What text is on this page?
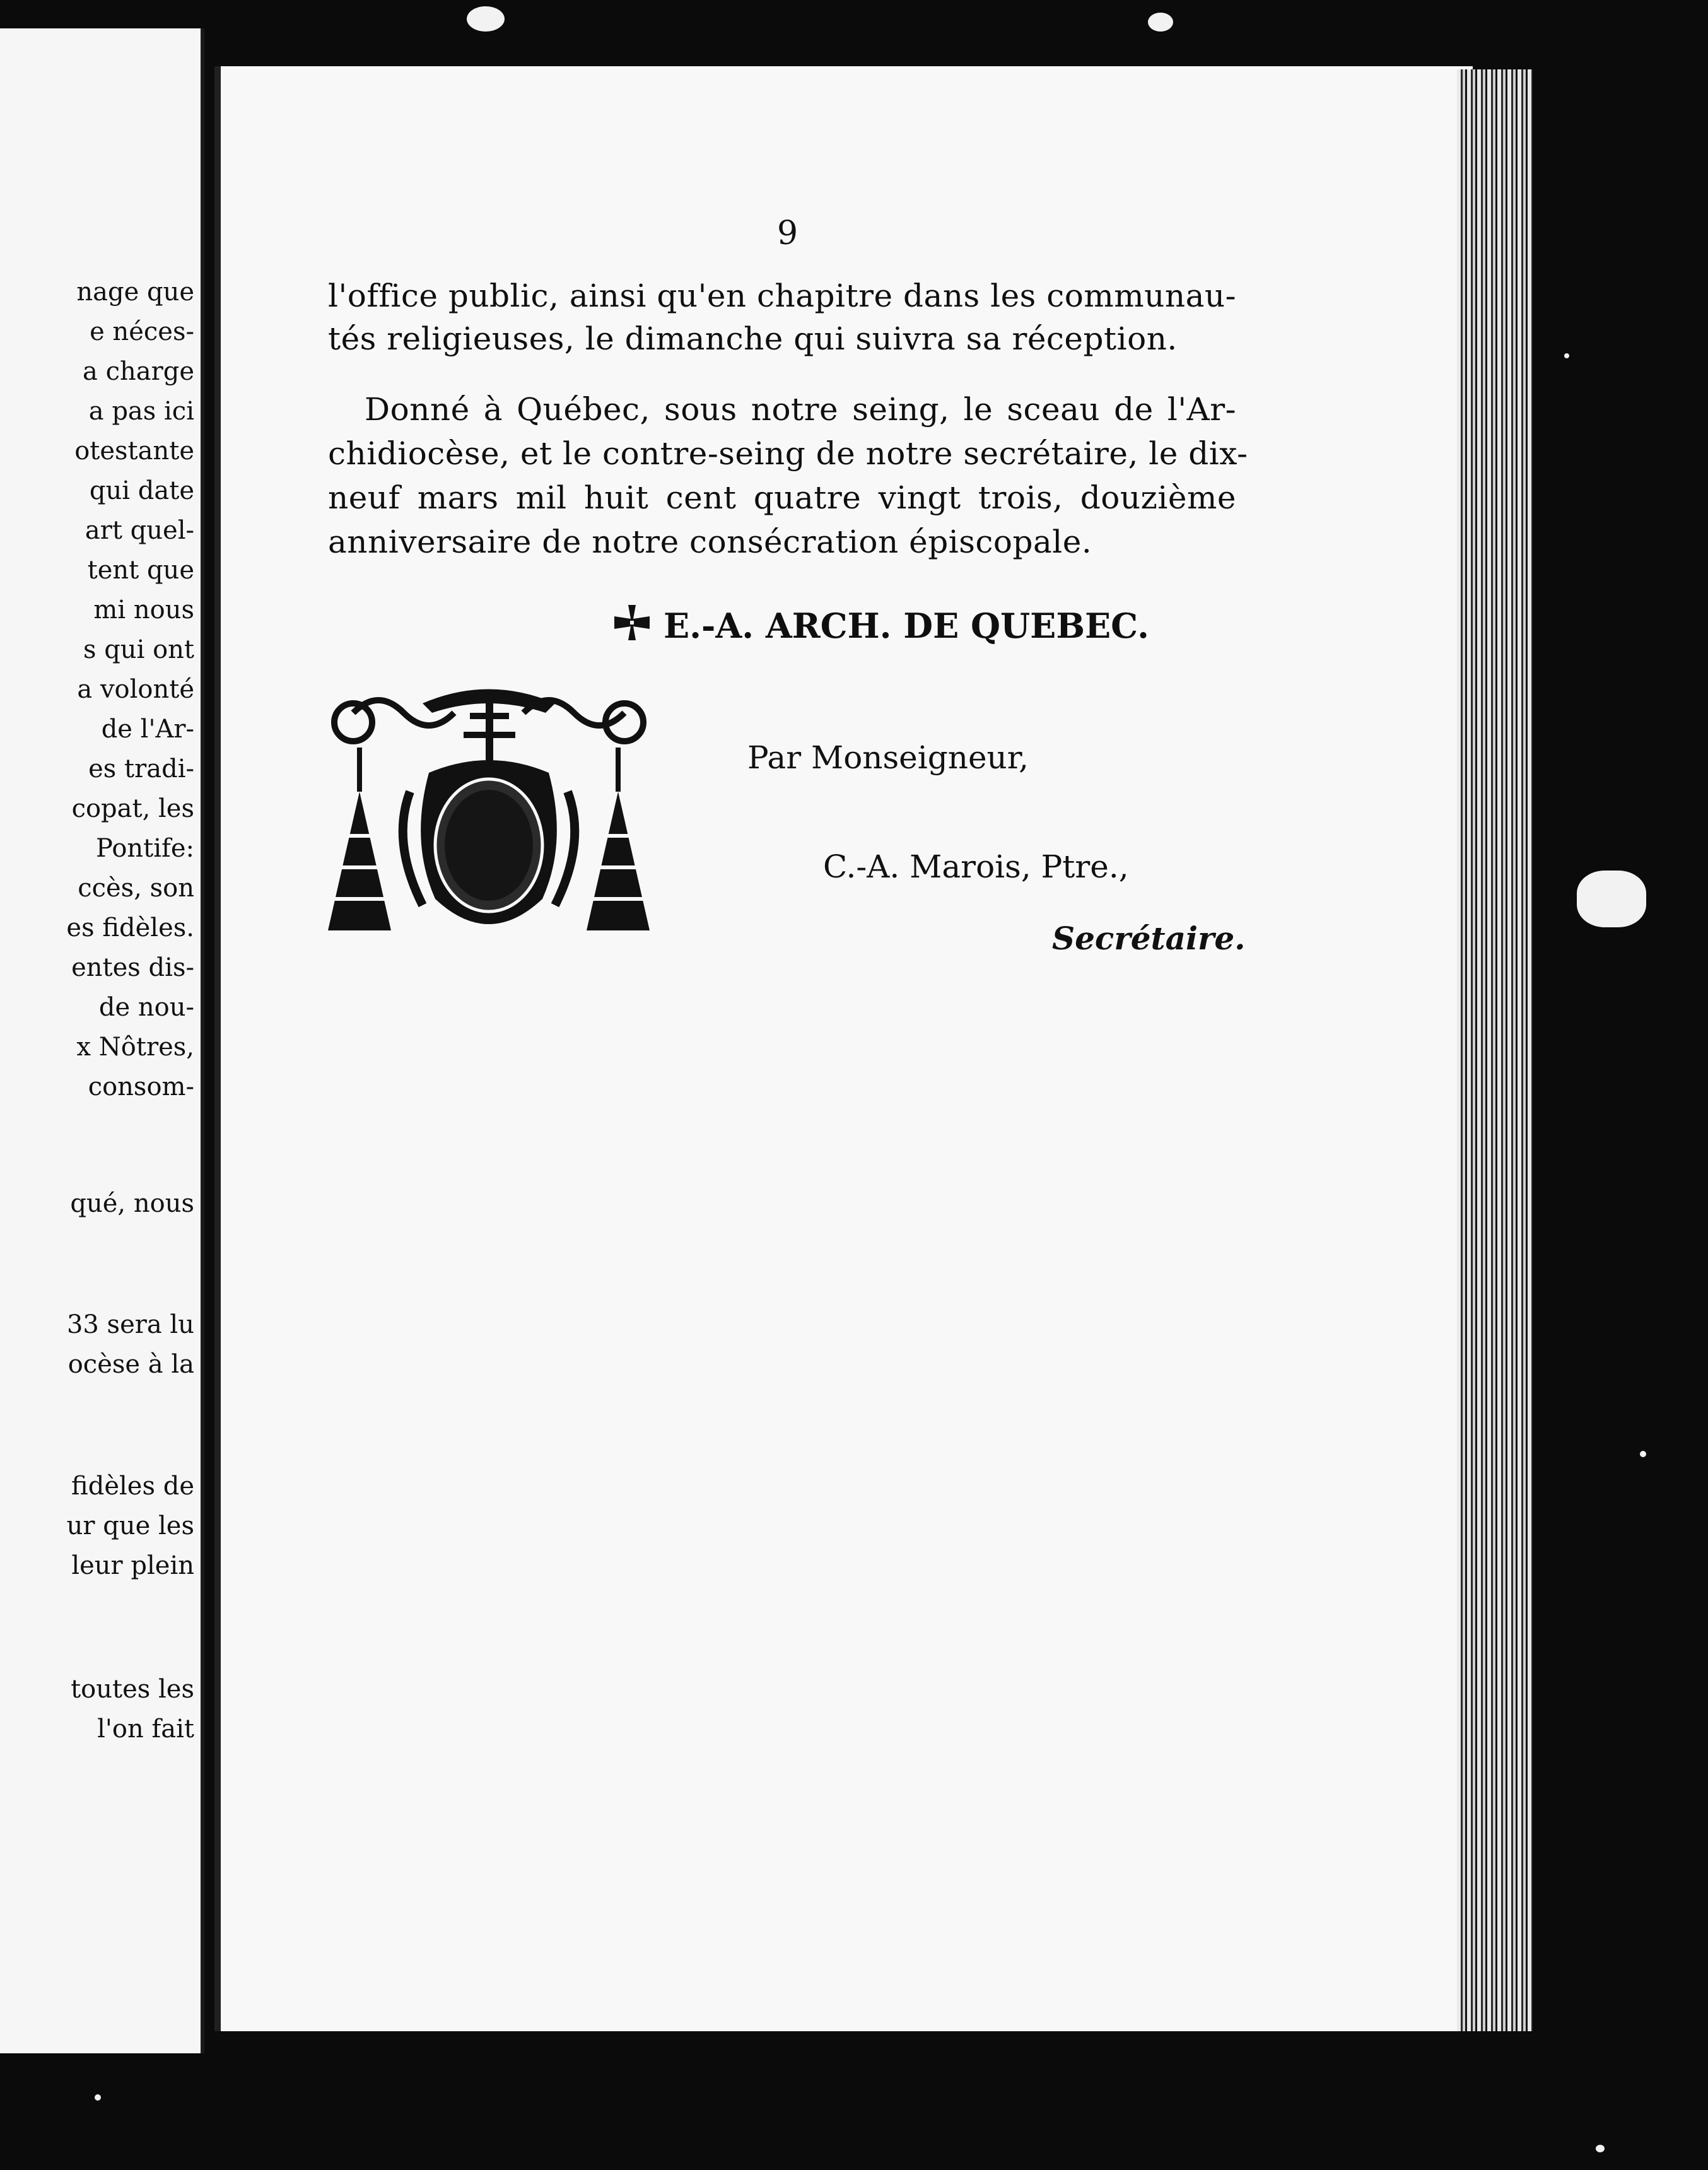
nage que
e néces-
a charge
a pas ici
otestante
qui date
art quel-
tent que
mi nous
s qui ont
a volonté
de l'Ar-
es tradi-
copat, les
Pontife:
ccès, son
es fidèles.
entes dis-
de nou-
x Nôtres,
consom-
qué, nous
33 sera lu
ocèse à la
fidèles de
ur que les
leur plein
toutes les
l'on fait
9
l'office public, ainsi qu'en chapitre dans les communau-
tés religieuses, le dimanche qui suivra sa réception.
Donné à Québec, sous notre seing, le sceau de l'Ar-
chidiocèse, et le contre-seing de notre secrétaire, le dix-
neuf mars mil huit cent quatre vingt trois, douzième
anniversaire de notre consécration épiscopale.
E.-A. ARCH. DE QUEBEC.
Par Monseigneur,
C.-A. Marois, Ptre.,
Secrétaire.
